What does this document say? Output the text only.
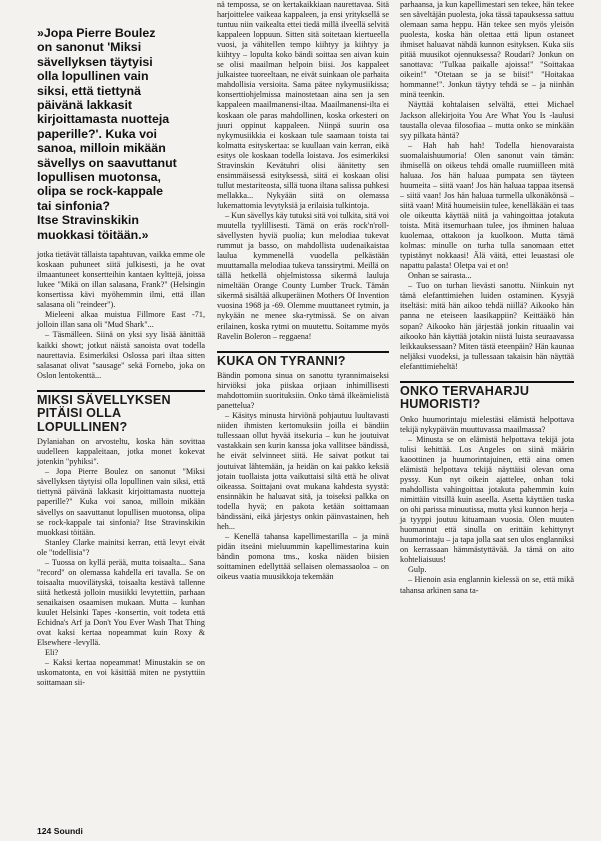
»Jopa Pierre Boulez
on sanonut 'Miksi
sävellyksen täytyisi
olla lopullinen vain
siksi, että tiettynä
päivänä lakkasit
kirjoittamasta nuotteja
paperille?'. Kuka voi
sanoa, milloin mikään
sävellys on saavuttanut
lopullisen muotonsa,
olipa se rock-kappale
tai sinfonia?
Itse Stravinskikin
muokkasi töitään.»

jotka tietävät tällaista tapahtuvan, vaikka emme ole koskaan puhuneet siitä julkisesti, ja he ovat ilmaantuneet konsertteihin kantaen kylttejä, joissa lukee "Mikä on illan salasana, Frank?" (Helsingin konsertissa kävi myöhemmin ilmi, että illan salasana oli "reindeer").

Mieleeni alkaa muistua Fillmore East -71, jolloin illan sana oli "Mud Shark"...

– Täsmälleen. Siinä on yksi syy lisää äänittää kaikki showt; jotkut näistä sanoista ovat todella naurettavia. Esimerkiksi Oslossa pari iltaa sitten salasanat olivat "sausage" sekä Fornebo, joka on Oslon lentokenttä...

MIKSI SÄVELLYKSEN PITÄISI OLLA LOPULLINEN?

Dylaniahan on arvosteltu, koska hän sovittaa uudelleen kappaleitaan, jotka monet kokevat jotenkin "pyhiksi".

– Jopa Pierre Boulez on sanonut "Miksi sävellyksen täytyisi olla lopullinen vain siksi, että tiettynä päivänä lakkasit kirjoittamasta nuotteja paperille?" Kuka voi sanoa, milloin mikään sävellys on saavuttanut lopullisen muotonsa, olipa se rock-kappale tai sinfonia? Itse Stravinskikin muokkasi töitään.

Stanley Clarke mainitsi kerran, että levyt eivät ole "todellisia"?

– Tuossa on kyllä perää, mutta toisaalta... Sana "record" on olemassa kahdella eri tavalla. Se on toisaalta muovilätyskä, toisaalta kestävä tallenne siitä hetkestä jolloin musiikki levytettiin, parhaan senaikaisen osaamisen mukaan. Mutta – kunhan kuulet Helsinki Tapes -konsertin, voit todeta että Echidna's Arf ja Don't You Ever Wash That Thing ovat kaksi kertaa nopeammat kuin Roxy & Elsewhere -levyllä.

Eli?

– Kaksi kertaa nopeammat! Minustakin se on uskomatonta, en voi käsittää miten ne pystyttiin soittamaan sii-

nä tempossa, se on kertakaikkiaan naurettavaa. Sitä harjoittelee vaikeaa kappaleen, ja ensi yrityksellä se tuntuu niin vaikealta ettei tiedä millä ilveellä selvitä kappaleen loppuun. Sitten sitä soitetaan kiertueella vuosi, ja vähitellen tempo kiihtyy ja kiihtyy ja kiihtyy – lopulta koko bändi soittaa sen aivan kuin se olisi maailman helpoin biisi. Jos kappaleet julkaistee tuoreeltaan, ne eivät suinkaan ole parhaita mahdollisia versioita. Sama pätee nykymusiikissa; konserttiohjelmissa mainostetaan aina sen ja sen kappaleen maailmanensi-iltaa. Maailmanensi-ilta ei koskaan ole paras mahdollinen, koska orkesteri on juuri oppinut kappaleen. Niinpä suurin osa nykymusiikkia ei koskaan tule saamaan toista tai kolmatta esityskertaa: se kuullaan vain kerran, eikä esitys ole koskaan todella loistava. Jos esimerkiksi Stravinskin Kevätuhri olisi äänitetty sen ensimmäisessä esityksessä, siitä ei koskaan olisi tullut mestariteosta, sillä tuona iltana salissa puhkesi mellakka... Nykyään siitä on olemassa lukemattomia levytyksiä ja erilaisia tulkintoja.

– Kun sävellys käy tutuksi sitä voi tulkita, sitä voi muutella tyylillisesti. Tämä on eräs rock'n'roll-sävellysten hyviä puolia; kun melodiaa tukevat rummut ja basso, on mahdollista uudenaikaistaa laulua kymmenellä vuodella pelkästään muuttamalla melodiaa tukeva tanssirytmi. Meillä on tällä hetkellä ohjelmistossa sikermä lauluja nimeltään Orange County Lumber Truck. Tämän sikermä sisältää alkuperäinen Mothers Of Invention vuosina 1968 ja -69. Olemme muuttaneet rytmin, ja nykyään ne menee ska-rytmissä. Se on aivan erilainen, koska rytmi on muutettu. Soitamme myös Ravelin Boleron – reggaena!

KUKA ON TYRANNI?

Bändin pomona sinua on sanottu tyrannimaiseksi hirviöksi joka piiskaa orjiaan inhimillisesti mahdottomiin suorituksiin. Onko tämä ilkeämielistä panettelua?

– Käsitys minusta hirviönä pohjautuu luultavasti niiden ihmisten kertomuksiin joilla ei bändiin tullessaan ollut hyvää itsekuria – kun he joutuivat vastakkain sen kurin kanssa joka vallitsee bändissä, he eivät selvinneet siitä. He saivat potkut tai joutuivat lähtemään, ja heidän on kai pakko keksiä jotain tuollaista jotta vaikuttaisi siltä että he olivat oikeassa. Soittajani ovat mukana kahdesta syystä: ensinnäkin he haluavat sitä, ja toiseksi palkka on todella hyvä; en pakota ketään soittamaan bändissäni, eikä järjestys onkin päinvastainen, heh heh...

– Kenellä tahansa kapellimestarilla – ja minä pidän itseäni mieluummin kapellimestarina kuin bändin pomona tms., koska näiden biisien soittaminen edellyttää sellaisen olemassaoloa – on oikeus vaatia muusikkoja tekemään

parhaansa, ja kun kapellimestari sen tekee, hän tekee sen säveltäjän puolesta, joka tässä tapauksessa sattuu olemaan sama heppu. Hän tekee sen myös yleisön puolesta, koska hän olettaa että lipun ostaneet ihmiset haluavat nähdä kunnon esityksen. Kuka siis pitää muusikot ojennuksessa? Roudari? Jonkun on sanottava: "Tulkaa paikalle ajoissa!" "Soittakaa oikein!" "Otetaan se ja se biisi!" "Hoitakaa hommanne!". Jonkun täytyy tehdä se – ja niinhän minä teenkin.

Näyttää kohtalaisen selvältä, ettei Michael Jackson allekirjoita You Are What You Is -laulusi taustalla olevaa filosofiaa – mutta onko se minkään syy pilkata häntä?

– Hah hah hah! Todella hienovaraista suomalaishuumoria! Olen sanonut vain tämän: ihmisellä on oikeus tehdä omalle ruumiilleen mitä haluaa. Jos hän haluaa pumpata sen täyteen huumeita – siitä vaan! Jos hän haluaa tappaa itsensä – siitä vaan! Jos hän haluaa turmella ulkonäkönsä – siitä vaan! Mitä huumeisiin tulee, kenelläkään ei taas ole oikeutta käyttää niitä ja vahingoittaa jotakuta toista. Mitä itsemurhaan tulee, jos ihminen haluaa kuolemaa, ottakoon ja kuolkoon. Mutta tämä kolmas: minulle on turha tulla sanomaan ettet typistänyt nokkaasi! Älä väitä, ettei leuastasi ole napattu palasta! Oletpa vai et on!

Onhan se sairasta...

– Tuo on turhan lievästi sanottu. Niinkuin nyt tämä elefanttimiehen luiden ostaminen. Kysyjä itseltäsi: mitä hän aikoo tehdä niillä? Aikooko hän panna ne eteiseen laasikappiin? Keittääkö hän sopan? Aikooko hän järjestää jonkin rituaalin vai aikooko hän käyttää jotakin niistä luista seuraavassa leikkauksessaan? Miten tästä eteenpäin? Hän kaunaa neljäksi vuodeksi, ja tullessaan takaisin hän näyttää elefanttimieheltä!

ONKO TERVAHARJU HUMORISTI?

Onko huumorintaju mielestäsi elämistä helpottava tekijä nykypäivän muuttuvassa maailmassa?

– Minusta se on elämistä helpottava tekijä jota tulisi kehittää. Los Angeles on siinä määrin kaoottinen ja huumorintajuinen, että aina omen elämistä helpottava tekijä näyttäisi olevan oma pyssy. Kun nyt oikein ajattelee, onhan toki mahdollista vahingoittaa jotakuta pahemmin kuin nimittäin vitsillä kuin aseella. Asetta käyttäen tuska on ohi parissa minuutissa, mutta yksi kunnon herja – ja tyyppi joutuu kituamaan vuosia. Olen muuten huomannut että sinulla on erittäin kehittynyt huumorintaju – ja tapa jolla saat sen ulos englanniksi on kerrassaan hämmästyttävää. Ja tämä on aito kohteliaisuus!

Gulp.

– Hienoin asia englannin kielessä on se, että mikä tahansa arkinen sana ta-

124 Soundi
